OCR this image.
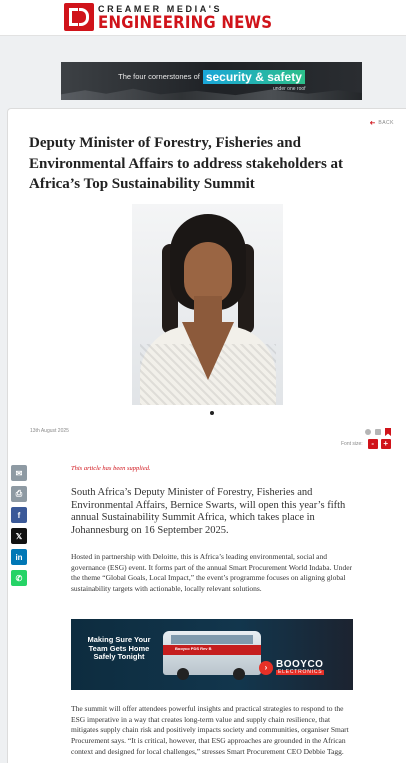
CREAMER MEDIA'S
ENGINEERING NEWS
The four cornerstones of security & safety
under one roof
➜ BACK
Deputy Minister of Forestry, Fisheries and Environmental Affairs to address stakeholders at Africa’s Top Sustainability Summit
13th August 2025
Font size:	-	+
This article has been supplied.

South Africa’s Deputy Minister of Forestry, Fisheries and Environmental Affairs, Bernice Swarts, will open this year’s fifth annual Sustainability Summit Africa, which takes place in Johannesburg on 16 September 2025.

Hosted in partnership with Deloitte, this is Africa’s leading environmental, social and governance (ESG) event. It forms part of the annual Smart Procurement World Indaba. Under the theme “Global Goals, Local Impact,” the event’s programme focuses on aligning global sustainability targets with actionable, locally relevant solutions.

Making Sure Your Team Gets Home Safely Tonight
Booyco PDS Rev B
› BOOYCO
ELECTRONICS

The summit will offer attendees powerful insights and practical strategies to respond to the ESG imperative in a way that creates long-term value and supply chain resilience, that mitigates supply chain risk and positively impacts society and communities, organiser Smart Procurement says. “It is critical, however, that ESG approaches are grounded in the African context and designed for local challenges,” stresses Smart Procurement CEO Debbie Tagg.

✉
⎙
f
𝕏
in
✆
